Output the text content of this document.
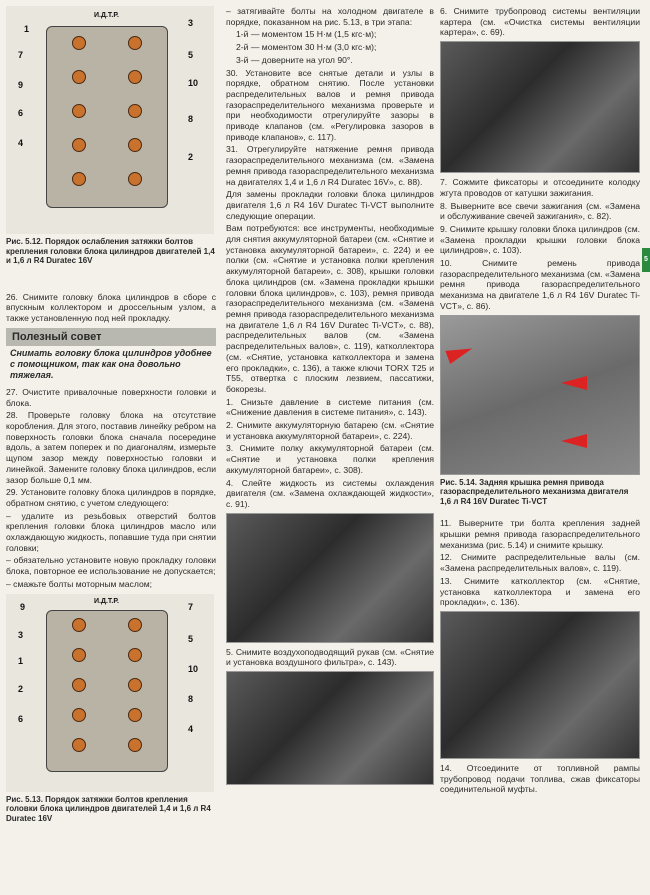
И.Д.Т.Р.
1
3
7	5
9	10
6
8
4
2
Рис. 5.12. Порядок ослабления затяжки болтов крепления головки блока цилиндров двигателей 1,4 и 1,6 л R4 Duratec 16V

26. Снимите головку блока цилиндров в сборе с впускным коллектором и дроссельным узлом, а также установленную под ней прокладку.

Полезный совет
Снимать головку блока цилиндров удобнее с помощником, так как она довольно тяжелая.

27. Очистите привалочные поверхности головки и блока.

28. Проверьте головку блока на отсутствие коробления. Для этого, поставив линейку ребром на поверхность головки блока сначала посередине вдоль, а затем поперек и по диагоналям, измерьте щупом зазор между поверхностью головки и линейкой. Замените головку блока цилиндров, если зазор больше 0,1 мм.

29. Установите головку блока цилиндров в порядке, обратном снятию, с учетом следующего:

– удалите из резьбовых отверстий болтов крепления головки блока цилиндров масло или охлаждающую жидкость, попавшие туда при снятии головки;

– обязательно установите новую прокладку головки блока, повторное ее использование не допускается;

– смажьте болты моторным маслом;

И.Д.Т.Р.
9	7
3	5
1
10
2
8
6
4
Рис. 5.13. Порядок затяжки болтов крепления головки блока цилиндров двигателей 1,4 и 1,6 л R4 Duratec 16V

– затягивайте болты на холодном двигателе в порядке, показанном на рис. 5.13, в три этапа:

1-й — моментом 15 Н·м (1,5 кгс·м);

2-й — моментом 30 Н·м (3,0 кгс·м);

3-й — доверните на угол 90°.

30. Установите все снятые детали и узлы в порядке, обратном снятию. После установки распределительных валов и ремня привода газораспределительного механизма проверьте и при необходимости отрегулируйте зазоры в приводе клапанов (см. «Регулировка зазоров в приводе клапанов», с. 117).

31. Отрегулируйте натяжение ремня привода газораспределительного механизма (см. «Замена ремня привода газораспределительного механизма на двигателях 1,4 и 1,6 л R4 Duratec 16V», с. 88).

Для замены прокладки головки блока цилиндров двигателя 1,6 л R4 16V Duratec Ti-VCT выполните следующие операции.

Вам потребуются: все инструменты, необходимые для снятия аккумуляторной батареи (см. «Снятие и установка аккумуляторной батареи», с. 224) и ее полки (см. «Снятие и установка полки крепления аккумуляторной батареи», с. 308), крышки головки блока цилиндров (см. «Замена прокладки крышки головки блока цилиндров», с. 103), ремня привода газораспределительного механизма (см. «Замена ремня привода газораспределительного механизма на двигателе 1,6 л R4 16V Duratec Ti-VCT», с. 88), распределительных валов (см. «Замена распределительных валов», с. 119), катколлектора (см. «Снятие, установка катколлектора и замена его прокладки», с. 136), а также ключи TORX T25 и T55, отвертка с плоским лезвием, пассатижи, бокорезы.

1. Снизьте давление в системе питания (см. «Снижение давления в системе питания», с. 143).

2. Снимите аккумуляторную батарею (см. «Снятие и установка аккумуляторной батареи», с. 224).

3. Снимите полку аккумуляторной батареи (см. «Снятие и установка полки крепления аккумуляторной батареи», с. 308).

4. Слейте жидкость из системы охлаждения двигателя (см. «Замена охлаждающей жидкости», с. 91).

5. Снимите воздухоподводящий рукав (см. «Снятие и установка воздушного фильтра», с. 143).

6. Снимите трубопровод системы вентиляции картера (см. «Очистка системы вентиляции картера», с. 69).

7. Сожмите фиксаторы и отсоедините колодку жгута проводов от катушки зажигания.

8. Выверните все свечи зажигания (см. «Замена и обслуживание свечей зажигания», с. 82).

9. Снимите крышку головки блока цилиндров (см. «Замена прокладки крышки головки блока цилиндров», с. 103).

10. Снимите ремень привода газораспределительного механизма (см. «Замена ремня привода газораспределительного механизма на двигателе 1,6 л R4 16V Duratec Ti-VCT», с. 86).

Рис. 5.14. Задняя крышка ремня привода газораспределительного механизма двигателя 1,6 л R4 16V Duratec Ti-VCT

11. Выверните три болта крепления задней крышки ремня привода газораспределительного механизма (рис. 5.14) и снимите крышку.

12. Снимите распределительные валы (см. «Замена распределительных валов», с. 119).

13. Снимите катколлектор (см. «Снятие, установка катколлектора и замена его прокладки», с. 136).

14. Отсоедините от топливной рампы трубопровод подачи топлива, сжав фиксаторы соединительной муфты.

5
